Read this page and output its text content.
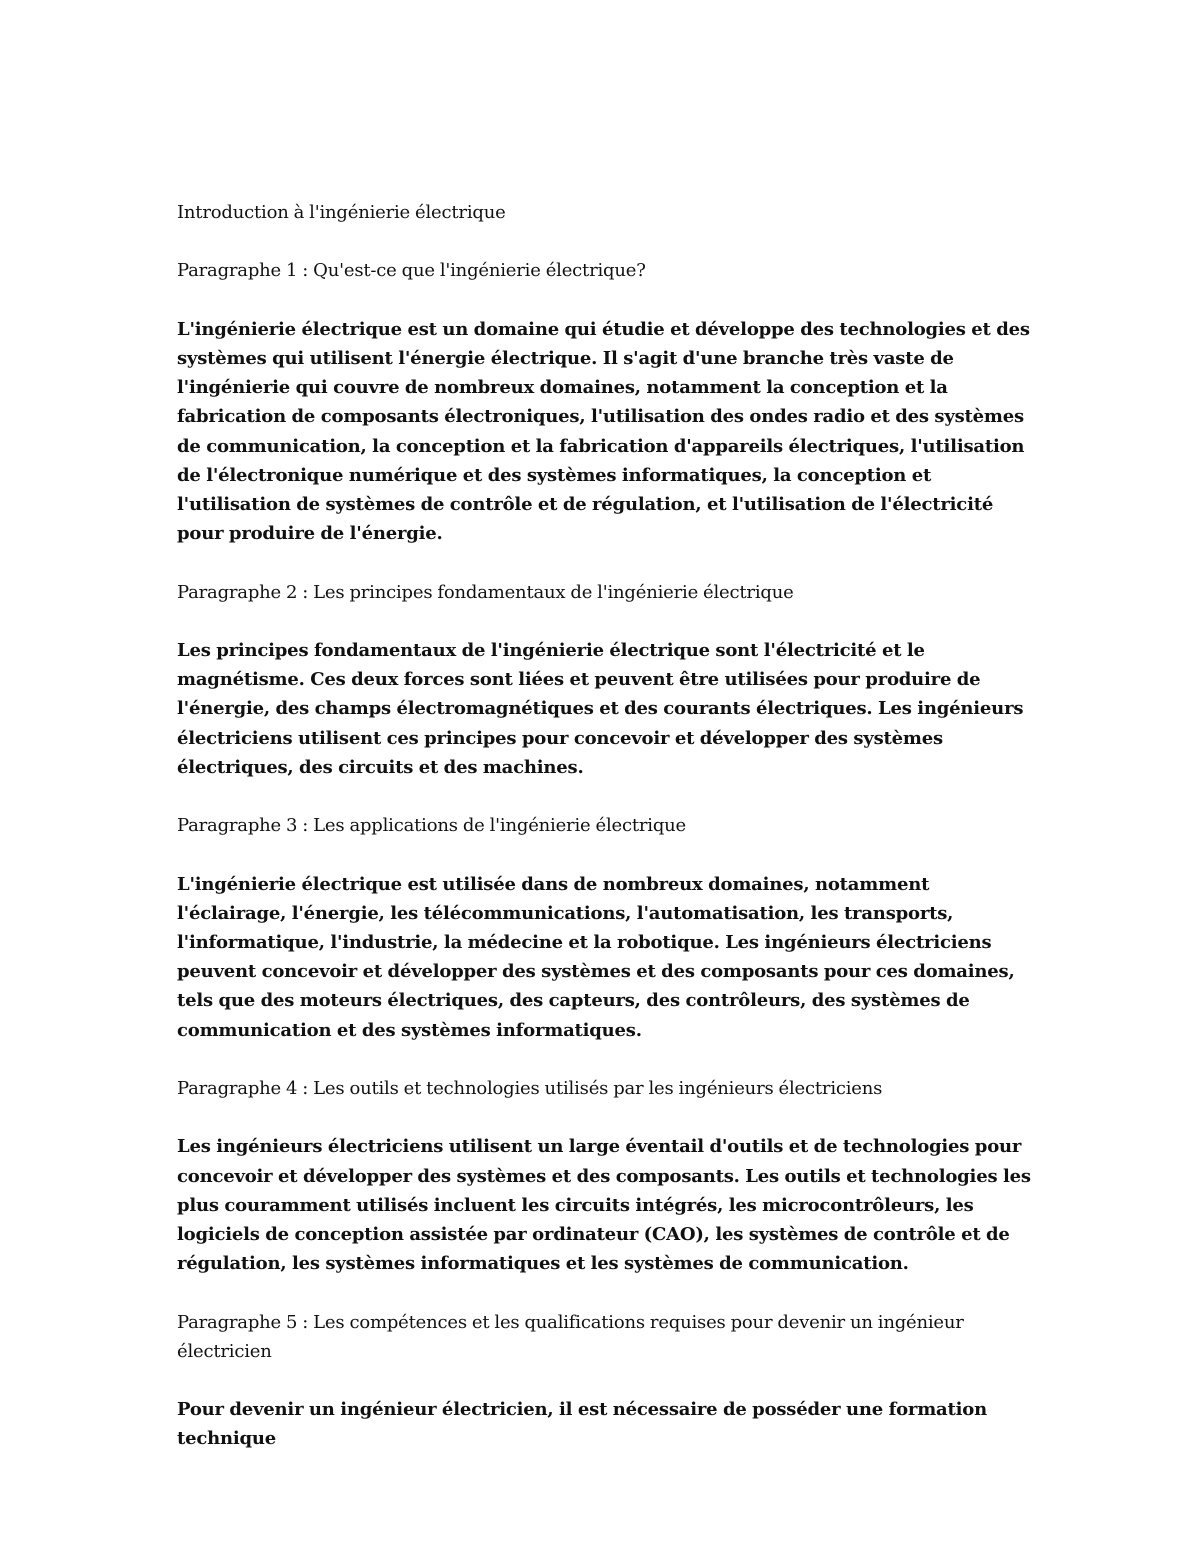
Introduction à l'ingénierie électrique

Paragraphe 1 : Qu'est-ce que l'ingénierie électrique?

L'ingénierie électrique est un domaine qui étudie et développe des technologies et des systèmes qui utilisent l'énergie électrique. Il s'agit d'une branche très vaste de l'ingénierie qui couvre de nombreux domaines, notamment la conception et la fabrication de composants électroniques, l'utilisation des ondes radio et des systèmes de communication, la conception et la fabrication d'appareils électriques, l'utilisation de l'électronique numérique et des systèmes informatiques, la conception et l'utilisation de systèmes de contrôle et de régulation, et l'utilisation de l'électricité pour produire de l'énergie.

Paragraphe 2 : Les principes fondamentaux de l'ingénierie électrique

Les principes fondamentaux de l'ingénierie électrique sont l'électricité et le magnétisme. Ces deux forces sont liées et peuvent être utilisées pour produire de l'énergie, des champs électromagnétiques et des courants électriques. Les ingénieurs électriciens utilisent ces principes pour concevoir et développer des systèmes électriques, des circuits et des machines.

Paragraphe 3 : Les applications de l'ingénierie électrique

L'ingénierie électrique est utilisée dans de nombreux domaines, notamment l'éclairage, l'énergie, les télécommunications, l'automatisation, les transports, l'informatique, l'industrie, la médecine et la robotique. Les ingénieurs électriciens peuvent concevoir et développer des systèmes et des composants pour ces domaines, tels que des moteurs électriques, des capteurs, des contrôleurs, des systèmes de communication et des systèmes informatiques.

Paragraphe 4 : Les outils et technologies utilisés par les ingénieurs électriciens

Les ingénieurs électriciens utilisent un large éventail d'outils et de technologies pour concevoir et développer des systèmes et des composants. Les outils et technologies les plus couramment utilisés incluent les circuits intégrés, les microcontrôleurs, les logiciels de conception assistée par ordinateur (CAO), les systèmes de contrôle et de régulation, les systèmes informatiques et les systèmes de communication.

Paragraphe 5 : Les compétences et les qualifications requises pour devenir un ingénieur électricien

Pour devenir un ingénieur électricien, il est nécessaire de posséder une formation technique
